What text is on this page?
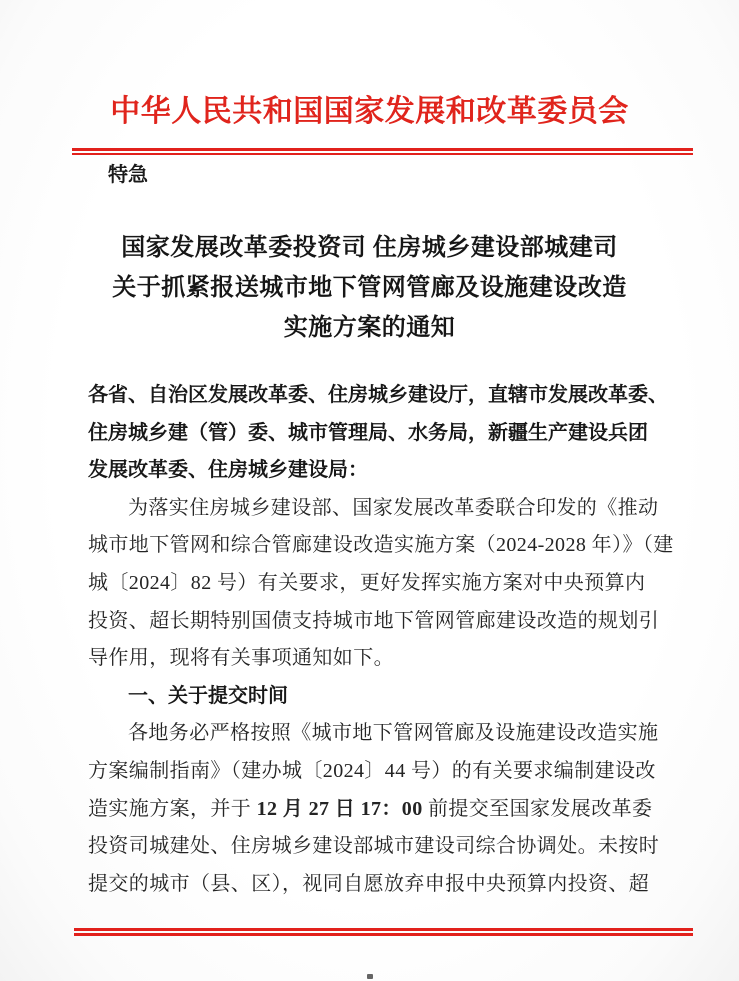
中华人民共和国国家发展和改革委员会
特急
国家发展改革委投资司 住房城乡建设部城建司
关于抓紧报送城市地下管网管廊及设施建设改造
实施方案的通知
各省、自治区发展改革委、住房城乡建设厅，直辖市发展改革委、
住房城乡建（管）委、城市管理局、水务局，新疆生产建设兵团
发展改革委、住房城乡建设局：
为落实住房城乡建设部、国家发展改革委联合印发的《推动
城市地下管网和综合管廊建设改造实施方案（2024-2028 年）》（建
城〔2024〕82 号）有关要求，更好发挥实施方案对中央预算内
投资、超长期特别国债支持城市地下管网管廊建设改造的规划引
导作用，现将有关事项通知如下。
一、关于提交时间
各地务必严格按照《城市地下管网管廊及设施建设改造实施
方案编制指南》（建办城〔2024〕44 号）的有关要求编制建设改
造实施方案，并于 12 月 27 日 17：00 前提交至国家发展改革委
投资司城建处、住房城乡建设部城市建设司综合协调处。未按时
提交的城市（县、区），视同自愿放弃申报中央预算内投资、超
